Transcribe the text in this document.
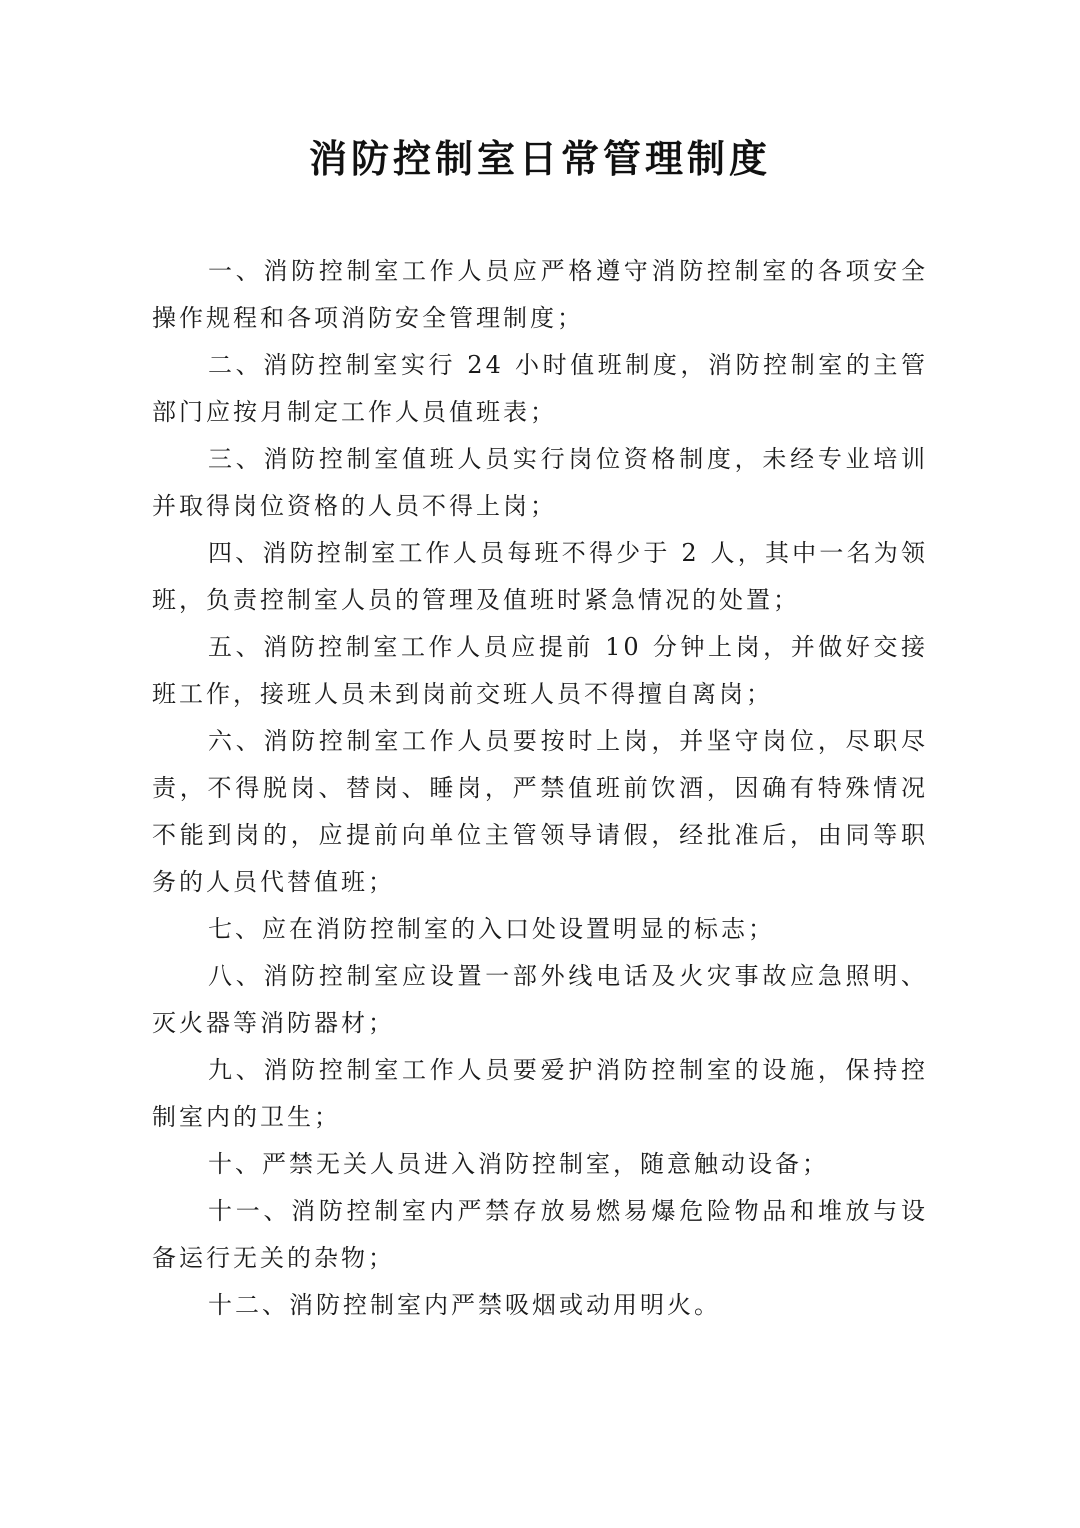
消防控制室日常管理制度

一、消防控制室工作人员应严格遵守消防控制室的各项安全操作规程和各项消防安全管理制度；

二、消防控制室实行 24 小时值班制度，消防控制室的主管部门应按月制定工作人员值班表；

三、消防控制室值班人员实行岗位资格制度，未经专业培训并取得岗位资格的人员不得上岗；

四、消防控制室工作人员每班不得少于 2 人，其中一名为领班，负责控制室人员的管理及值班时紧急情况的处置；

五、消防控制室工作人员应提前 10 分钟上岗，并做好交接班工作，接班人员未到岗前交班人员不得擅自离岗；

六、消防控制室工作人员要按时上岗，并坚守岗位，尽职尽责，不得脱岗、替岗、睡岗，严禁值班前饮酒，因确有特殊情况不能到岗的，应提前向单位主管领导请假，经批准后，由同等职务的人员代替值班；

七、应在消防控制室的入口处设置明显的标志；

八、消防控制室应设置一部外线电话及火灾事故应急照明、灭火器等消防器材；

九、消防控制室工作人员要爱护消防控制室的设施，保持控制室内的卫生；

十、严禁无关人员进入消防控制室，随意触动设备；

十一、消防控制室内严禁存放易燃易爆危险物品和堆放与设备运行无关的杂物；

十二、消防控制室内严禁吸烟或动用明火。
